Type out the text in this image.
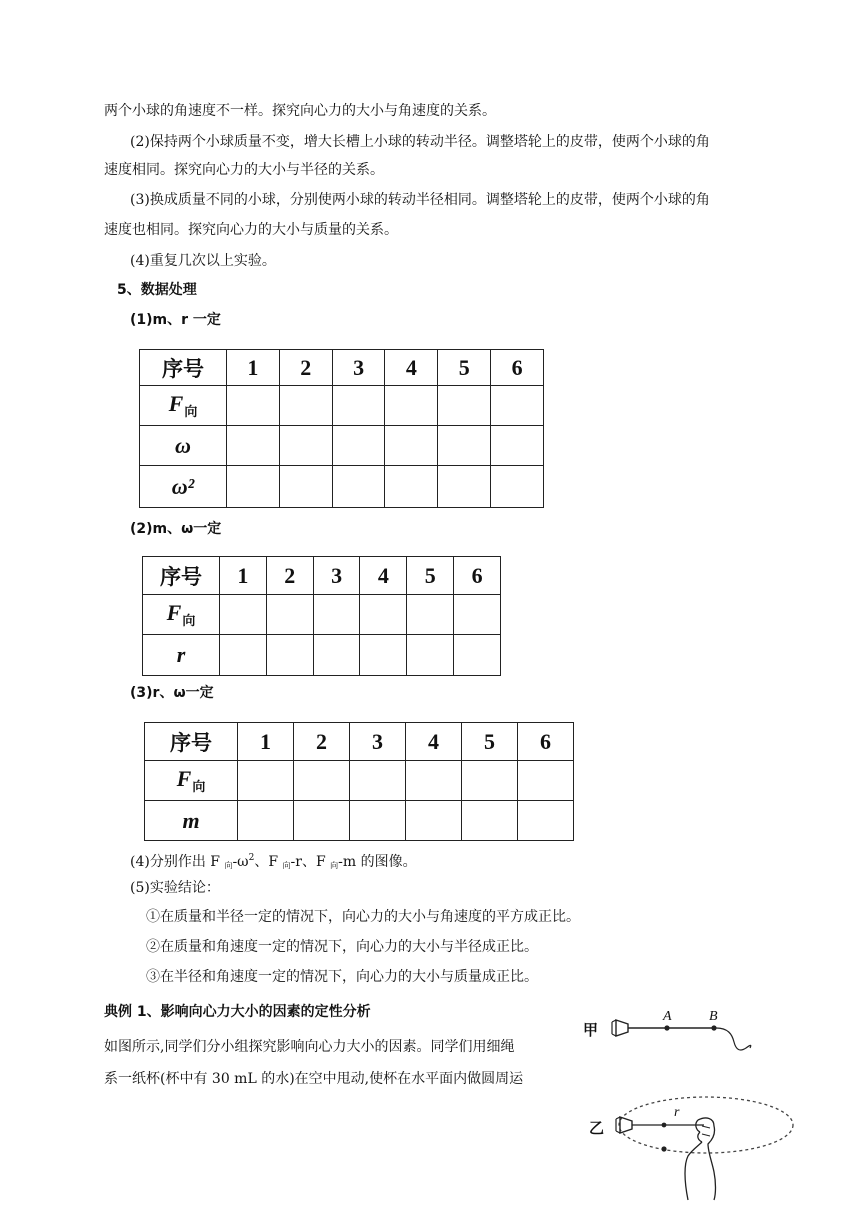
两个小球的角速度不一样。探究向心力的大小与角速度的关系。
(2)保持两个小球质量不变，增大长槽上小球的转动半径。调整塔轮上的皮带，使两个小球的角
速度相同。探究向心力的大小与半径的关系。
(3)换成质量不同的小球，分别使两小球的转动半径相同。调整塔轮上的皮带，使两个小球的角
速度也相同。探究向心力的大小与质量的关系。
(4)重复几次以上实验。
5、数据处理
(1)m、r 一定
序号	1	2	3	4	5	6
$F_向$						
ω						
ω²						
(2)m、ω一定
序号	1	2	3	4	5	6
$F_向$						
r						
(3)r、ω一定
序号	1	2	3	4	5	6
$F_向$						
m						
(4)分别作出 F 向$-\omega^2$、F 向-r、F 向-m 的图像。
(5)实验结论：
①在质量和半径一定的情况下，向心力的大小与角速度的平方成正比。
②在质量和角速度一定的情况下，向心力的大小与半径成正比。
③在半径和角速度一定的情况下，向心力的大小与质量成正比。
典例 1、影响向心力大小的因素的定性分析
如图所示,同学们分小组探究影响向心力大小的因素。同学们用细绳
系一纸杯(杯中有 30 mL 的水)在空中甩动,使杯在水平面内做圆周运
甲
A	B
乙
r
